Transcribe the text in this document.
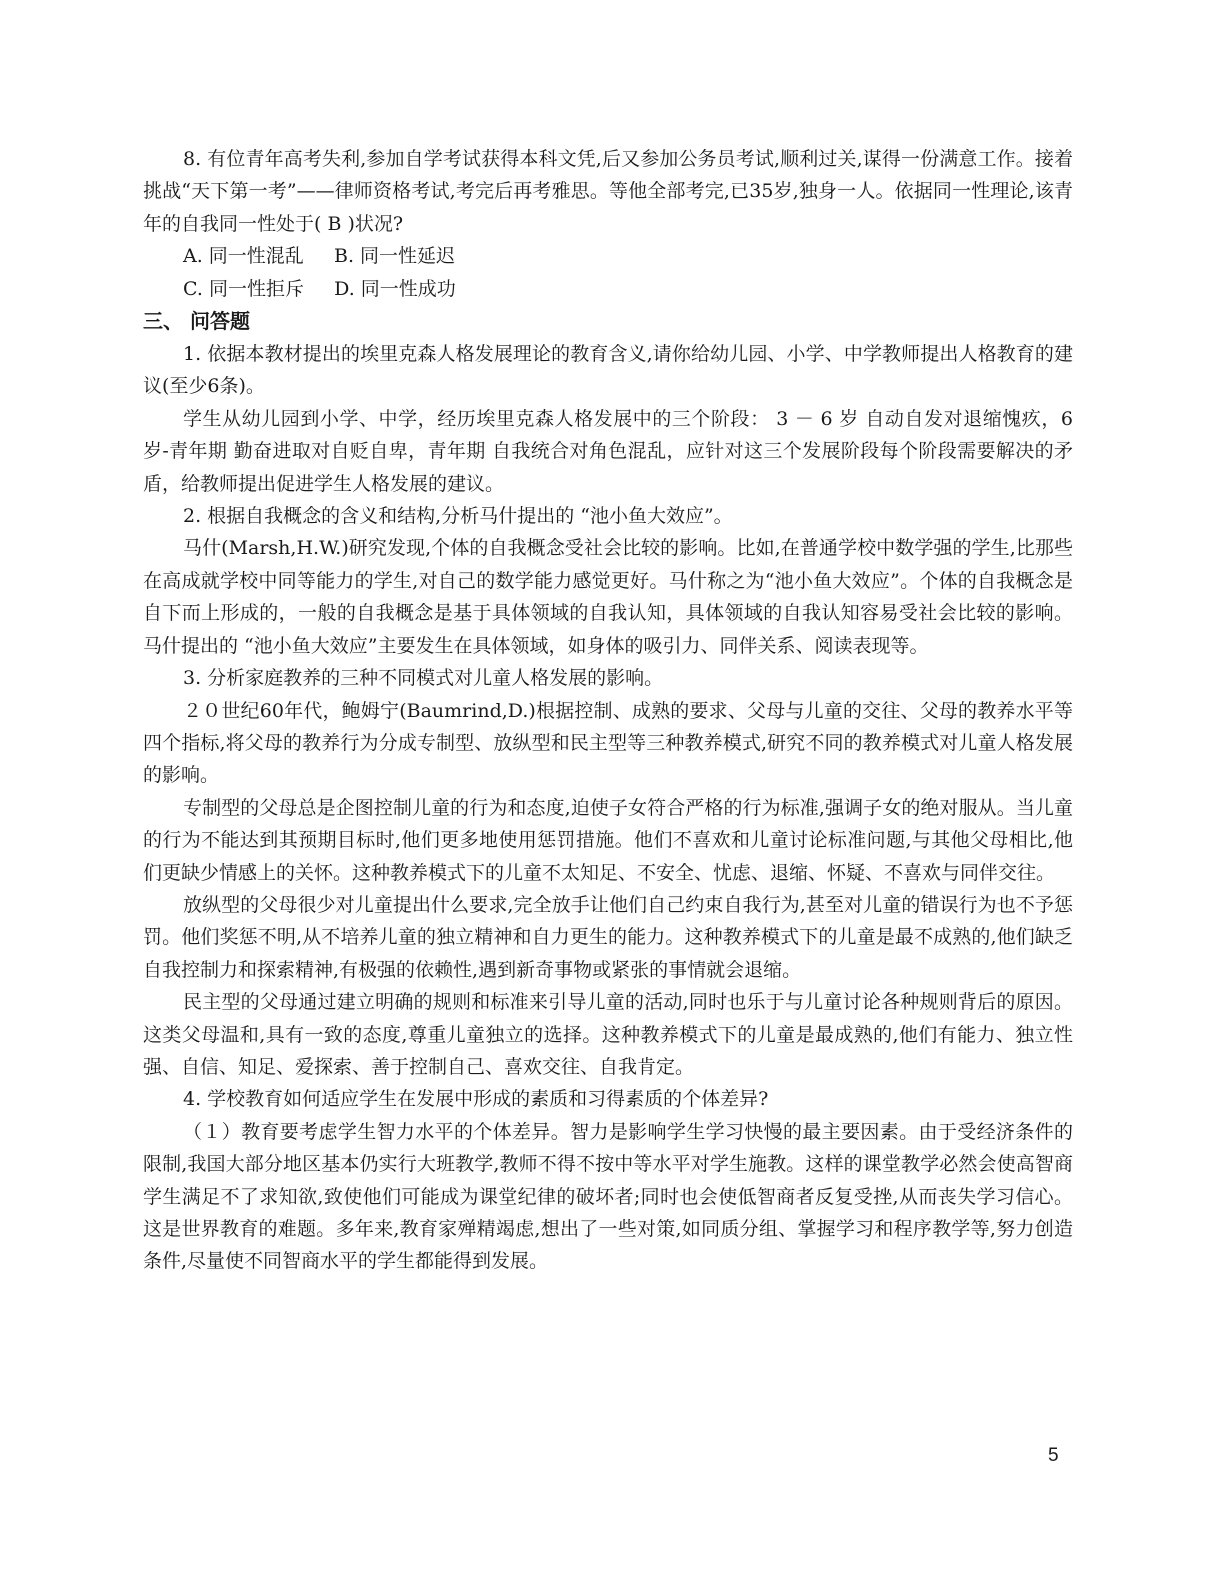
8. 有位青年高考失利,参加自学考试获得本科文凭,后又参加公务员考试,顺利过关,谋得一份满意工作。接着挑战“天下第一考”——律师资格考试,考完后再考雅思。等他全部考完,已35岁,独身一人。依据同一性理论,该青年的自我同一性处于( B )状况?

A. 同一性混乱     B. 同一性延迟

C. 同一性拒斥     D. 同一性成功

三、 问答题

1. 依据本教材提出的埃里克森人格发展理论的教育含义,请你给幼儿园、小学、中学教师提出人格教育的建议(至少6条)。

学生从幼儿园到小学、中学，经历埃里克森人格发展中的三个阶段： 3 － 6 岁 自动自发对退缩愧疚，6 岁-青年期 勤奋进取对自贬自卑，青年期 自我统合对角色混乱，应针对这三个发展阶段每个阶段需要解决的矛盾，给教师提出促进学生人格发展的建议。

2. 根据自我概念的含义和结构,分析马什提出的 “池小鱼大效应”。

马什(Marsh,H.W.)研究发现,个体的自我概念受社会比较的影响。比如,在普通学校中数学强的学生,比那些在高成就学校中同等能力的学生,对自己的数学能力感觉更好。马什称之为“池小鱼大效应”。个体的自我概念是自下而上形成的，一般的自我概念是基于具体领域的自我认知，具体领域的自我认知容易受社会比较的影响。马什提出的 “池小鱼大效应”主要发生在具体领域，如身体的吸引力、同伴关系、阅读表现等。

3. 分析家庭教养的三种不同模式对儿童人格发展的影响。

２０世纪60年代，鲍姆宁(Baumrind,D.)根据控制、成熟的要求、父母与儿童的交往、父母的教养水平等四个指标,将父母的教养行为分成专制型、放纵型和民主型等三种教养模式,研究不同的教养模式对儿童人格发展的影响。

专制型的父母总是企图控制儿童的行为和态度,迫使子女符合严格的行为标准,强调子女的绝对服从。当儿童的行为不能达到其预期目标时,他们更多地使用惩罚措施。他们不喜欢和儿童讨论标准问题,与其他父母相比,他们更缺少情感上的关怀。这种教养模式下的儿童不太知足、不安全、忧虑、退缩、怀疑、不喜欢与同伴交往。

放纵型的父母很少对儿童提出什么要求,完全放手让他们自己约束自我行为,甚至对儿童的错误行为也不予惩罚。他们奖惩不明,从不培养儿童的独立精神和自力更生的能力。这种教养模式下的儿童是最不成熟的,他们缺乏自我控制力和探索精神,有极强的依赖性,遇到新奇事物或紧张的事情就会退缩。

民主型的父母通过建立明确的规则和标准来引导儿童的活动,同时也乐于与儿童讨论各种规则背后的原因。这类父母温和,具有一致的态度,尊重儿童独立的选择。这种教养模式下的儿童是最成熟的,他们有能力、独立性强、自信、知足、爱探索、善于控制自己、喜欢交往、自我肯定。

4. 学校教育如何适应学生在发展中形成的素质和习得素质的个体差异?

（１）教育要考虑学生智力水平的个体差异。智力是影响学生学习快慢的最主要因素。由于受经济条件的限制,我国大部分地区基本仍实行大班教学,教师不得不按中等水平对学生施教。这样的课堂教学必然会使高智商学生满足不了求知欲,致使他们可能成为课堂纪律的破坏者;同时也会使低智商者反复受挫,从而丧失学习信心。这是世界教育的难题。多年来,教育家殚精竭虑,想出了一些对策,如同质分组、掌握学习和程序教学等,努力创造条件,尽量使不同智商水平的学生都能得到发展。

5
